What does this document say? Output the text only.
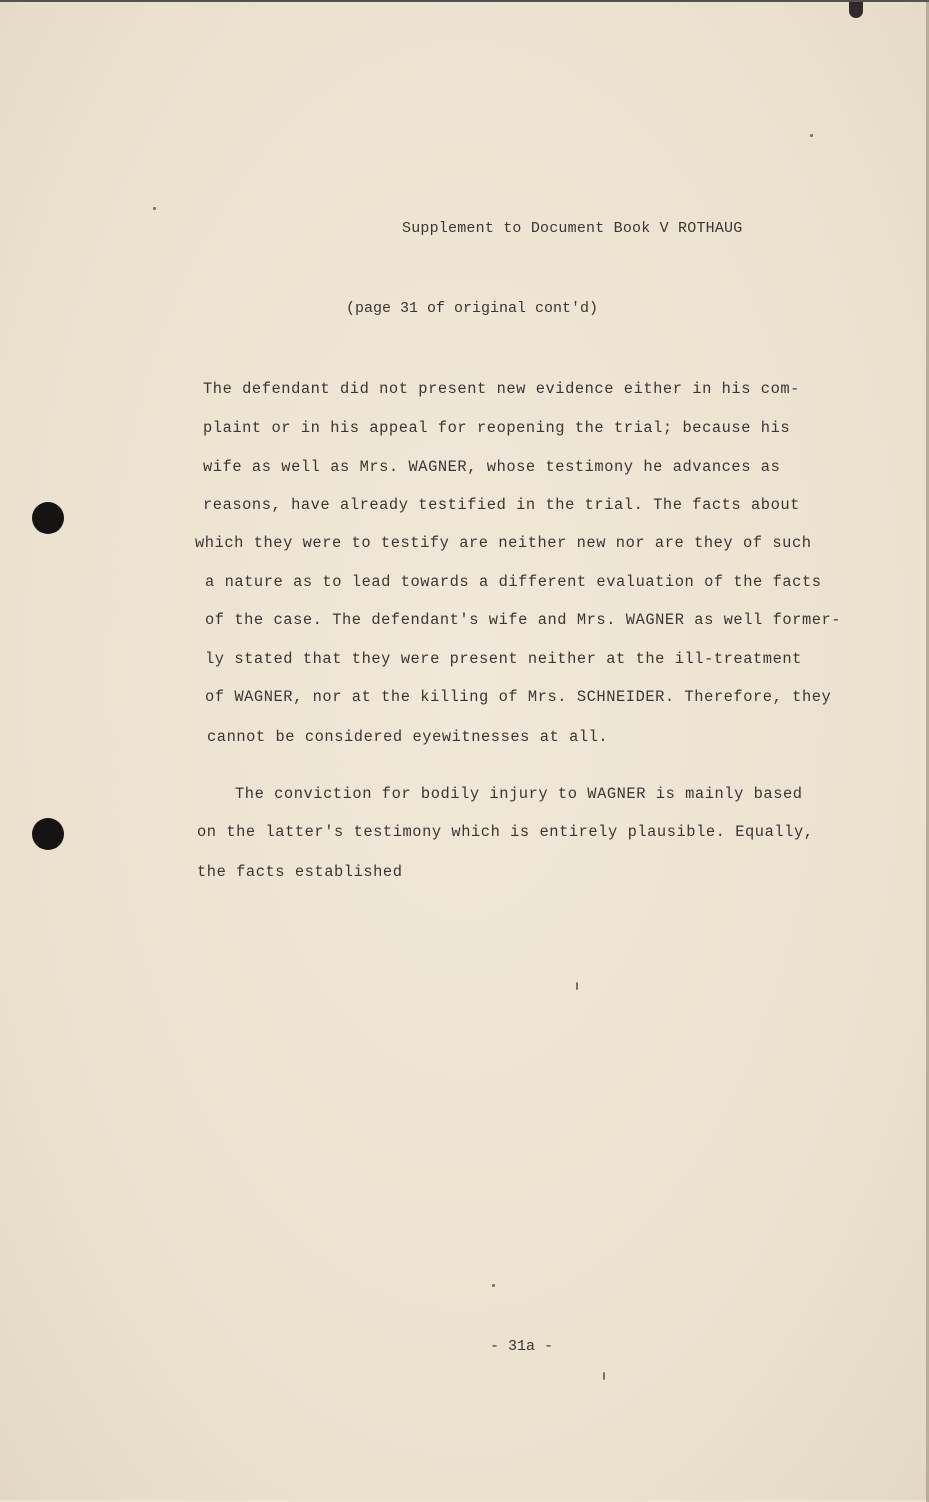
Supplement to Document Book V ROTHAUG
(page 31 of original cont'd)
The defendant did not present new evidence either in his com-
plaint or in his appeal for reopening the trial; because his
wife as well as Mrs. WAGNER, whose testimony he advances as
reasons, have already testified in the trial. The facts about
which they were to testify are neither new nor are they of such
a nature as to lead towards a different evaluation of the facts
of the case. The defendant's wife and Mrs. WAGNER as well former-
ly stated that they were present neither at the ill-treatment
of WAGNER, nor at the killing of Mrs. SCHNEIDER. Therefore, they
cannot be considered eyewitnesses at all.
The conviction for bodily injury to WAGNER is mainly based
on the latter's testimony which is entirely plausible. Equally,
the facts established
- 31a -
